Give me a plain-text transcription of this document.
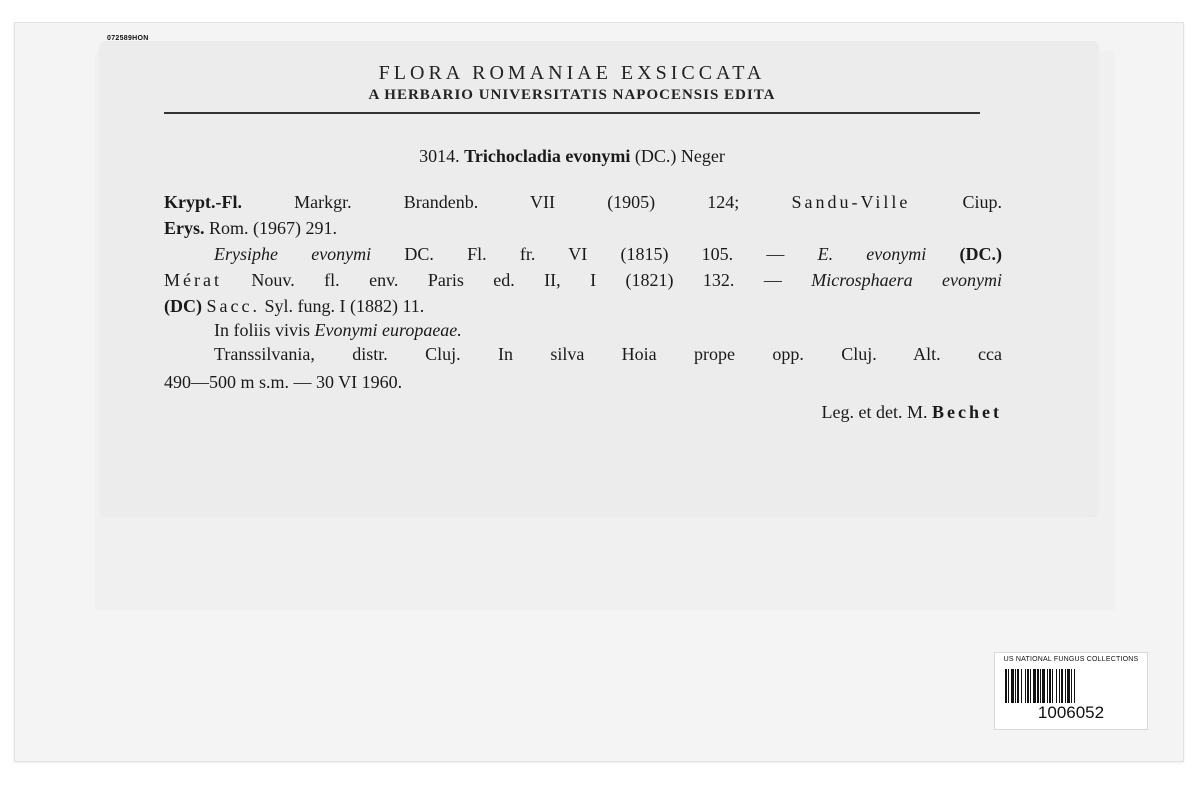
072589HON
FLORA ROMANIAE EXSICCATA
A HERBARIO UNIVERSITATIS NAPOCENSIS EDITA
3014. Trichocladia evonymi (DC.) Neger
Krypt.-Fl.	Markgr. Brandenb. VII	(1905) 124;	Sandu-Ville	Ciup.
Erys. Rom. (1967) 291.
Erysiphe evonymi DC. Fl. fr. VI (1815) 105. — E. evonymi (DC.)
Mérat Nouv. fl. env. Paris ed. II, I (1821) 132. — Microsphaera evonymi
(DC) Sacc. Syl. fung. I (1882) 11.
In foliis vivis Evonymi europaeae.
Transsilvania, distr. Cluj. In silva Hoia prope opp. Cluj. Alt. cca
490—500 m s.m. — 30 VI 1960.
Leg. et det. M. Bechet
US NATIONAL FUNGUS COLLECTIONS
1006052
